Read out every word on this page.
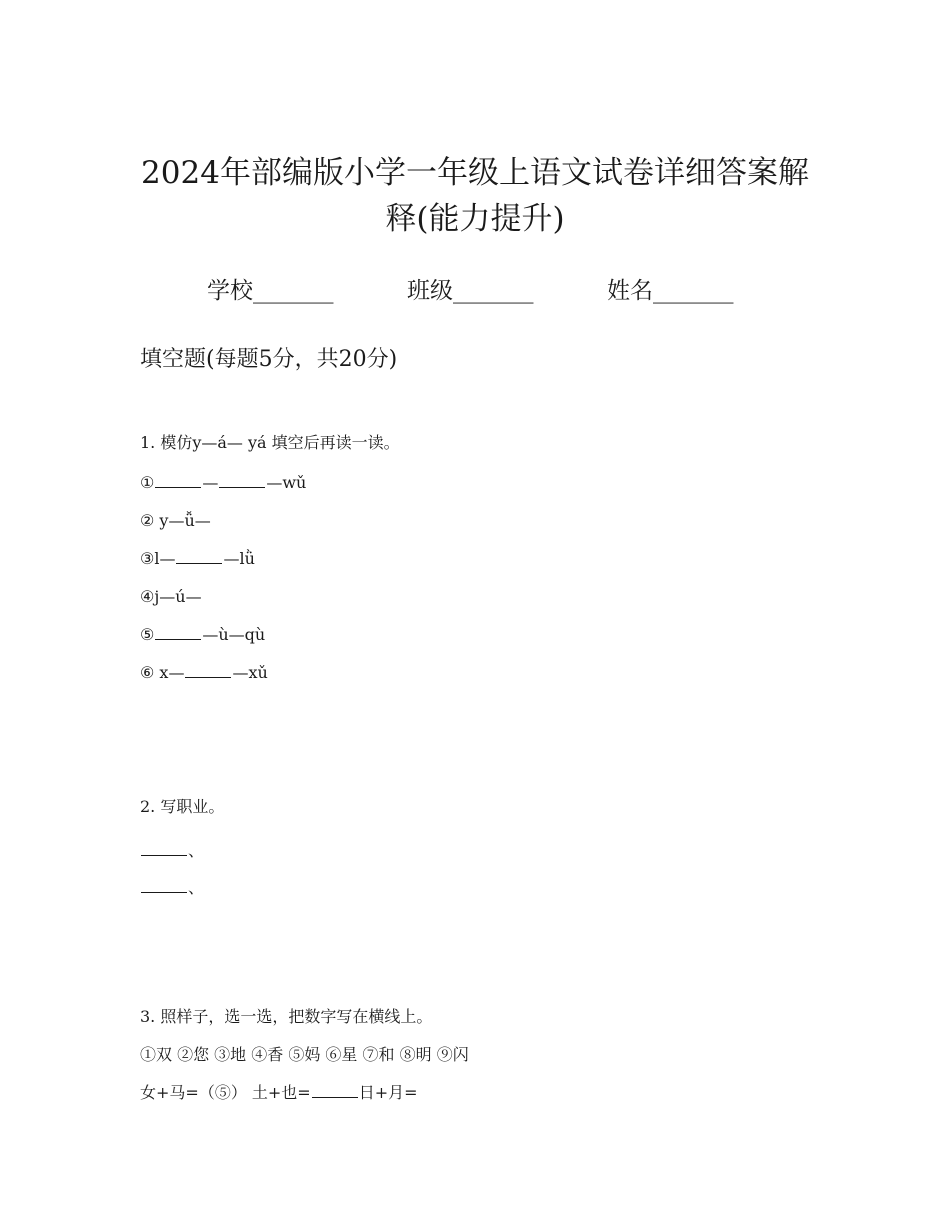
2024年部编版小学一年级上语文试卷详细答案解
释(能力提升)
学校_______	班级_______	姓名_______
填空题(每题5分，共20分)
1. 模仿y—á— yá 填空后再读一读。
①	—	—wǔ
② y—ǚ—
③l—	—lǜ
④j—ú—
⑤	—ù—qù
⑥ x—	—xǔ
2. 写职业。
、
、
3. 照样子，选一选，把数字写在横线上。
①双 ②您 ③地 ④香 ⑤妈 ⑥星 ⑦和 ⑧明 ⑨闪
女+马=（⑤） 土+也=	日+月=
